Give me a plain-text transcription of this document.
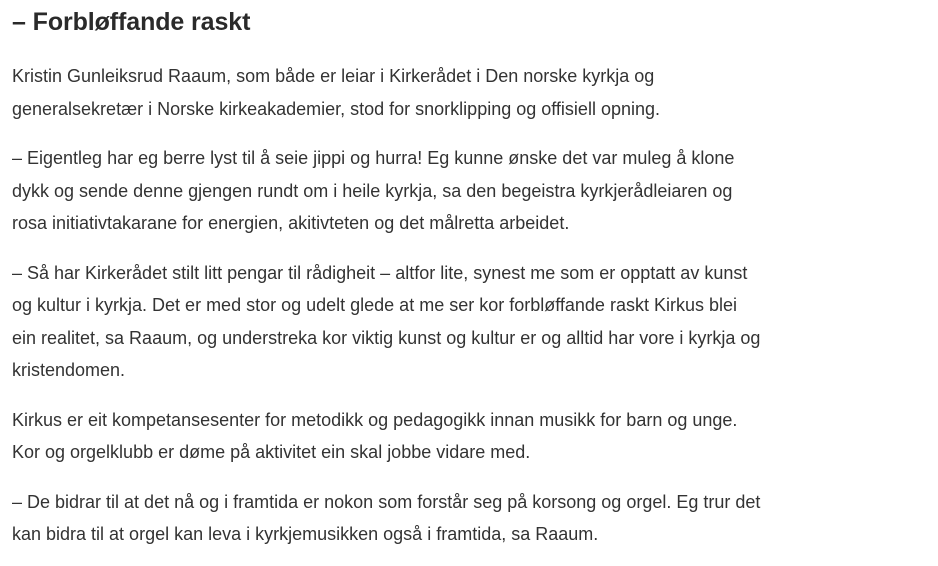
– Forbløffande raskt

Kristin Gunleiksrud Raaum, som både er leiar i Kirkerådet i Den norske kyrkja og
generalsekretær i Norske kirkeakademier, stod for snorklipping og offisiell opning.

– Eigentleg har eg berre lyst til å seie jippi og hurra! Eg kunne ønske det var muleg å klone
dykk og sende denne gjengen rundt om i heile kyrkja, sa den begeistra kyrkjerådleiaren og
rosa initiativtakarane for energien, akitivteten og det målretta arbeidet.

– Så har Kirkerådet stilt litt pengar til rådigheit – altfor lite, synest me som er opptatt av kunst
og kultur i kyrkja. Det er med stor og udelt glede at me ser kor forbløffande raskt Kirkus blei
ein realitet, sa Raaum, og understreka kor viktig kunst og kultur er og alltid har vore i kyrkja og
kristendomen.

Kirkus er eit kompetansesenter for metodikk og pedagogikk innan musikk for barn og unge.
Kor og orgelklubb er døme på aktivitet ein skal jobbe vidare med.

– De bidrar til at det nå og i framtida er nokon som forstår seg på korsong og orgel. Eg trur det
kan bidra til at orgel kan leva i kyrkjemusikken også i framtida, sa Raaum.
